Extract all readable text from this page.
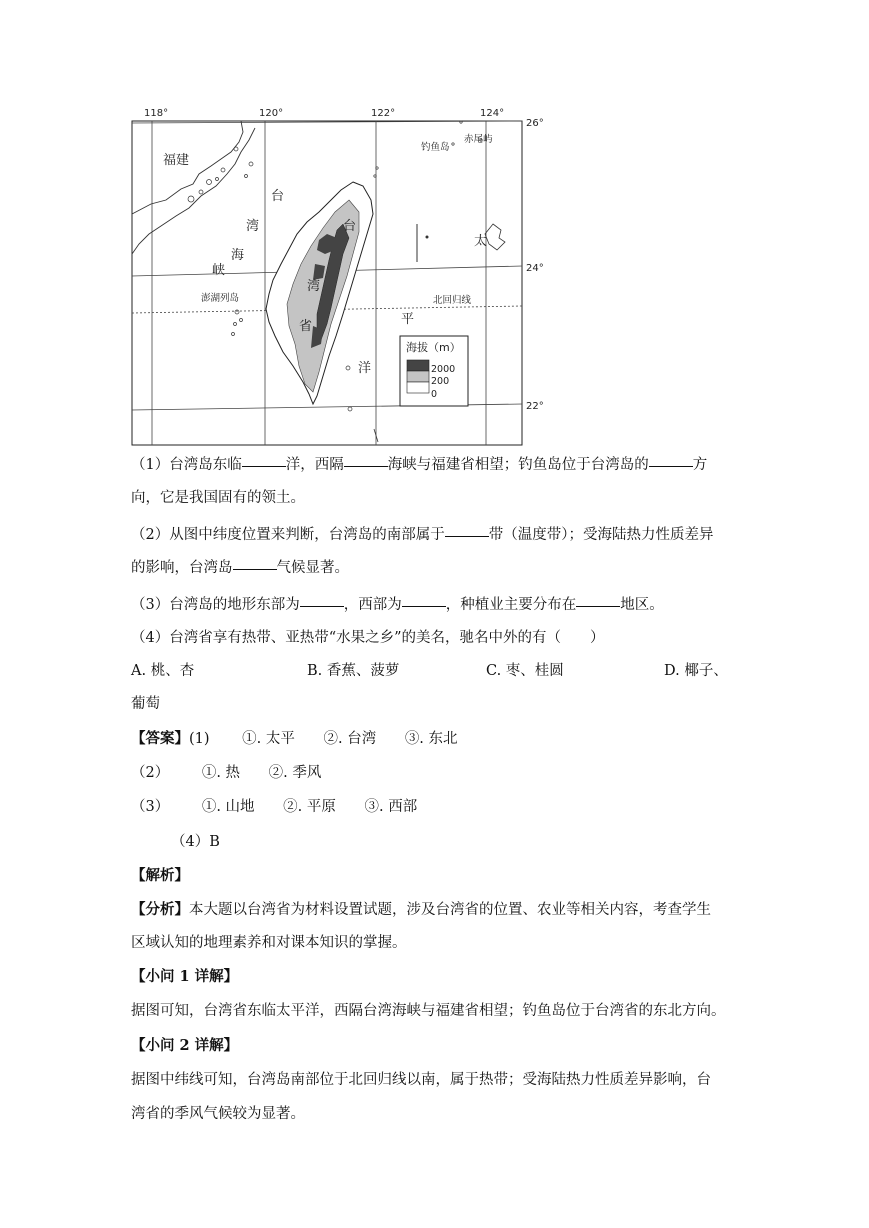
118°	120°	122°	124°
26°
24°
22°
福建
台
湾
海
峡
台
湾
省
太
平
洋
钓鱼岛
赤尾屿
澎湖列岛	北回归线
海拔（m）
2000
200
0
（1）台湾岛东临	洋，西隔	海峡与福建省相望；钓鱼岛位于台湾岛的	方
向，它是我国固有的领土。
（2）从图中纬度位置来判断，台湾岛的南部属于	带（温度带）；受海陆热力性质差异
的影响，台湾岛	气候显著。
（3）台湾岛的地形东部为	，西部为	，种植业主要分布在	地区。
（4）台湾省享有热带、亚热带“水果之乡”的美名，驰名中外的有（　　）
A. 桃、杏	B. 香蕉、菠萝	C. 枣、桂圆	D. 椰子、
葡萄
【答案】(1) ①. 太平 ②. 台湾 ③. 东北
（2） ①. 热 ②. 季风
（3） ①. 山地 ②. 平原 ③. 西部
（4）B
【解析】
【分析】本大题以台湾省为材料设置试题，涉及台湾省的位置、农业等相关内容，考查学生
区域认知的地理素养和对课本知识的掌握。
【小问 1 详解】
据图可知，台湾省东临太平洋，西隔台湾海峡与福建省相望；钓鱼岛位于台湾省的东北方向。
【小问 2 详解】
据图中纬线可知，台湾岛南部位于北回归线以南，属于热带；受海陆热力性质差异影响，台
湾省的季风气候较为显著。
